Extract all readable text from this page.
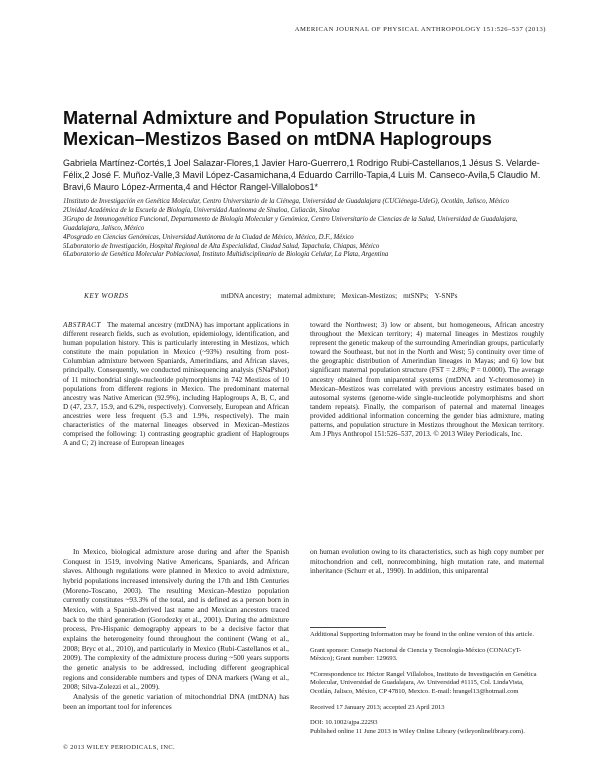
AMERICAN JOURNAL OF PHYSICAL ANTHROPOLOGY 151:526–537 (2013)
Maternal Admixture and Population Structure in Mexican–Mestizos Based on mtDNA Haplogroups
Gabriela Martínez-Cortés,1 Joel Salazar-Flores,1 Javier Haro-Guerrero,1 Rodrigo Rubi-Castellanos,1 Jésus S. Velarde-Félix,2 José F. Muñoz-Valle,3 Mavil López-Casamichana,4 Eduardo Carrillo-Tapia,4 Luis M. Canseco-Avila,5 Claudio M. Bravi,6 Mauro López-Armenta,4 and Héctor Rangel-Villalobos1*
1Instituto de Investigación en Genética Molecular, Centro Universitario de la Ciénega, Universidad de Guadalajara (CUCiénega-UdeG), Ocotlán, Jalisco, México
2Unidad Académica de la Escuela de Biología, Universidad Autónoma de Sinaloa, Culiacán, Sinaloa
3Grupo de Inmunogenética Funcional, Departamento de Biología Molecular y Genómica, Centro Universitario de Ciencias de la Salud, Universidad de Guadalajara, Guadalajara, Jalisco, México
4Posgrado en Ciencias Genómicas, Universidad Autónoma de la Ciudad de México, México, D.F., México
5Laboratorio de Investigación, Hospital Regional de Alta Especialidad, Ciudad Salud, Tapachula, Chiapas, México
6Laboratorio de Genética Molecular Poblacional, Instituto Multidisciplinario de Biología Celular, La Plata, Argentina
KEY WORDS	mtDNA ancestry; maternal admixture; Mexican-Mestizos; mtSNPs; Y-SNPs

ABSTRACT The maternal ancestry (mtDNA) has important applications in different research fields, such as evolution, epidemiology, identification, and human population history. This is particularly interesting in Mestizos, which constitute the main population in Mexico (~93%) resulting from post-Columbian admixture between Spaniards, Amerindians, and African slaves, principally. Consequently, we conducted minisequencing analysis (SNaPshot) of 11 mitochondrial single-nucleotide polymorphisms in 742 Mestizos of 10 populations from different regions in Mexico. The predominant maternal ancestry was Native American (92.9%), including Haplogroups A, B, C, and D (47, 23.7, 15.9, and 6.2%, respectively). Conversely, European and African ancestries were less frequent (5.3 and 1.9%, respectively). The main characteristics of the maternal lineages observed in Mexican–Mestizos comprised the following: 1) contrasting geographic gradient of Haplogroups A and C; 2) increase of European lineages

toward the Northwest; 3) low or absent, but homogeneous, African ancestry throughout the Mexican territory; 4) maternal lineages in Mestizos roughly represent the genetic makeup of the surrounding Amerindian groups, particularly toward the Southeast, but not in the North and West; 5) continuity over time of the geographic distribution of Amerindian lineages in Mayas; and 6) low but significant maternal population structure (FST = 2.8%; P = 0.0000). The average ancestry obtained from uniparental systems (mtDNA and Y-chromosome) in Mexican–Mestizos was correlated with previous ancestry estimates based on autosomal systems (genome-wide single-nucleotide polymorphisms and short tandem repeats). Finally, the comparison of paternal and maternal lineages provided additional information concerning the gender bias admixture, mating patterns, and population structure in Mestizos throughout the Mexican territory. Am J Phys Anthropol 151:526–537, 2013. © 2013 Wiley Periodicals, Inc.

In Mexico, biological admixture arose during and after the Spanish Conquest in 1519, involving Native Americans, Spaniards, and African slaves. Although regulations were planned in Mexico to avoid admixture, hybrid populations increased intensively during the 17th and 18th Centuries (Moreno-Toscano, 2003). The resulting Mexican–Mestizo population currently constitutes ~93.3% of the total, and is defined as a person born in Mexico, with a Spanish-derived last name and Mexican ancestors traced back to the third generation (Gorodezky et al., 2001). During the admixture process, Pre-Hispanic demography appears to be a decisive factor that explains the heterogeneity found throughout the continent (Wang et al., 2008; Bryc et al., 2010), and particularly in Mexico (Rubi-Castellanos et al., 2009). The complexity of the admixture process during ~500 years supports the genetic analysis to be addressed, including different geographical regions and considerable numbers and types of DNA markers (Wang et al., 2008; Silva-Zolezzi et al., 2009).

Analysis of the genetic variation of mitochondrial DNA (mtDNA) has been an important tool for inferences

on human evolution owing to its characteristics, such as high copy number per mitochondrion and cell, nonrecombining, high mutation rate, and maternal inheritance (Schurr et al., 1990). In addition, this uniparental

Additional Supporting Information may be found in the online version of this article.

Grant sponsor: Consejo Nacional de Ciencia y Tecnología-México (CONACyT-México); Grant number: 129693.

*Correspondence to: Héctor Rangel Villalobos, Instituto de Investigación en Genética Molecular, Universidad de Guadalajara, Av. Universidad #1115, Col. LindaVista, Ocotlán, Jalisco, México, CP 47810, Mexico. E-mail: hrangel13@hotmail.com

Received 17 January 2013; accepted 23 April 2013

DOI: 10.1002/ajpa.22293

Published online 11 June 2013 in Wiley Online Library (wileyonlinelibrary.com).

© 2013 WILEY PERIODICALS, INC.
